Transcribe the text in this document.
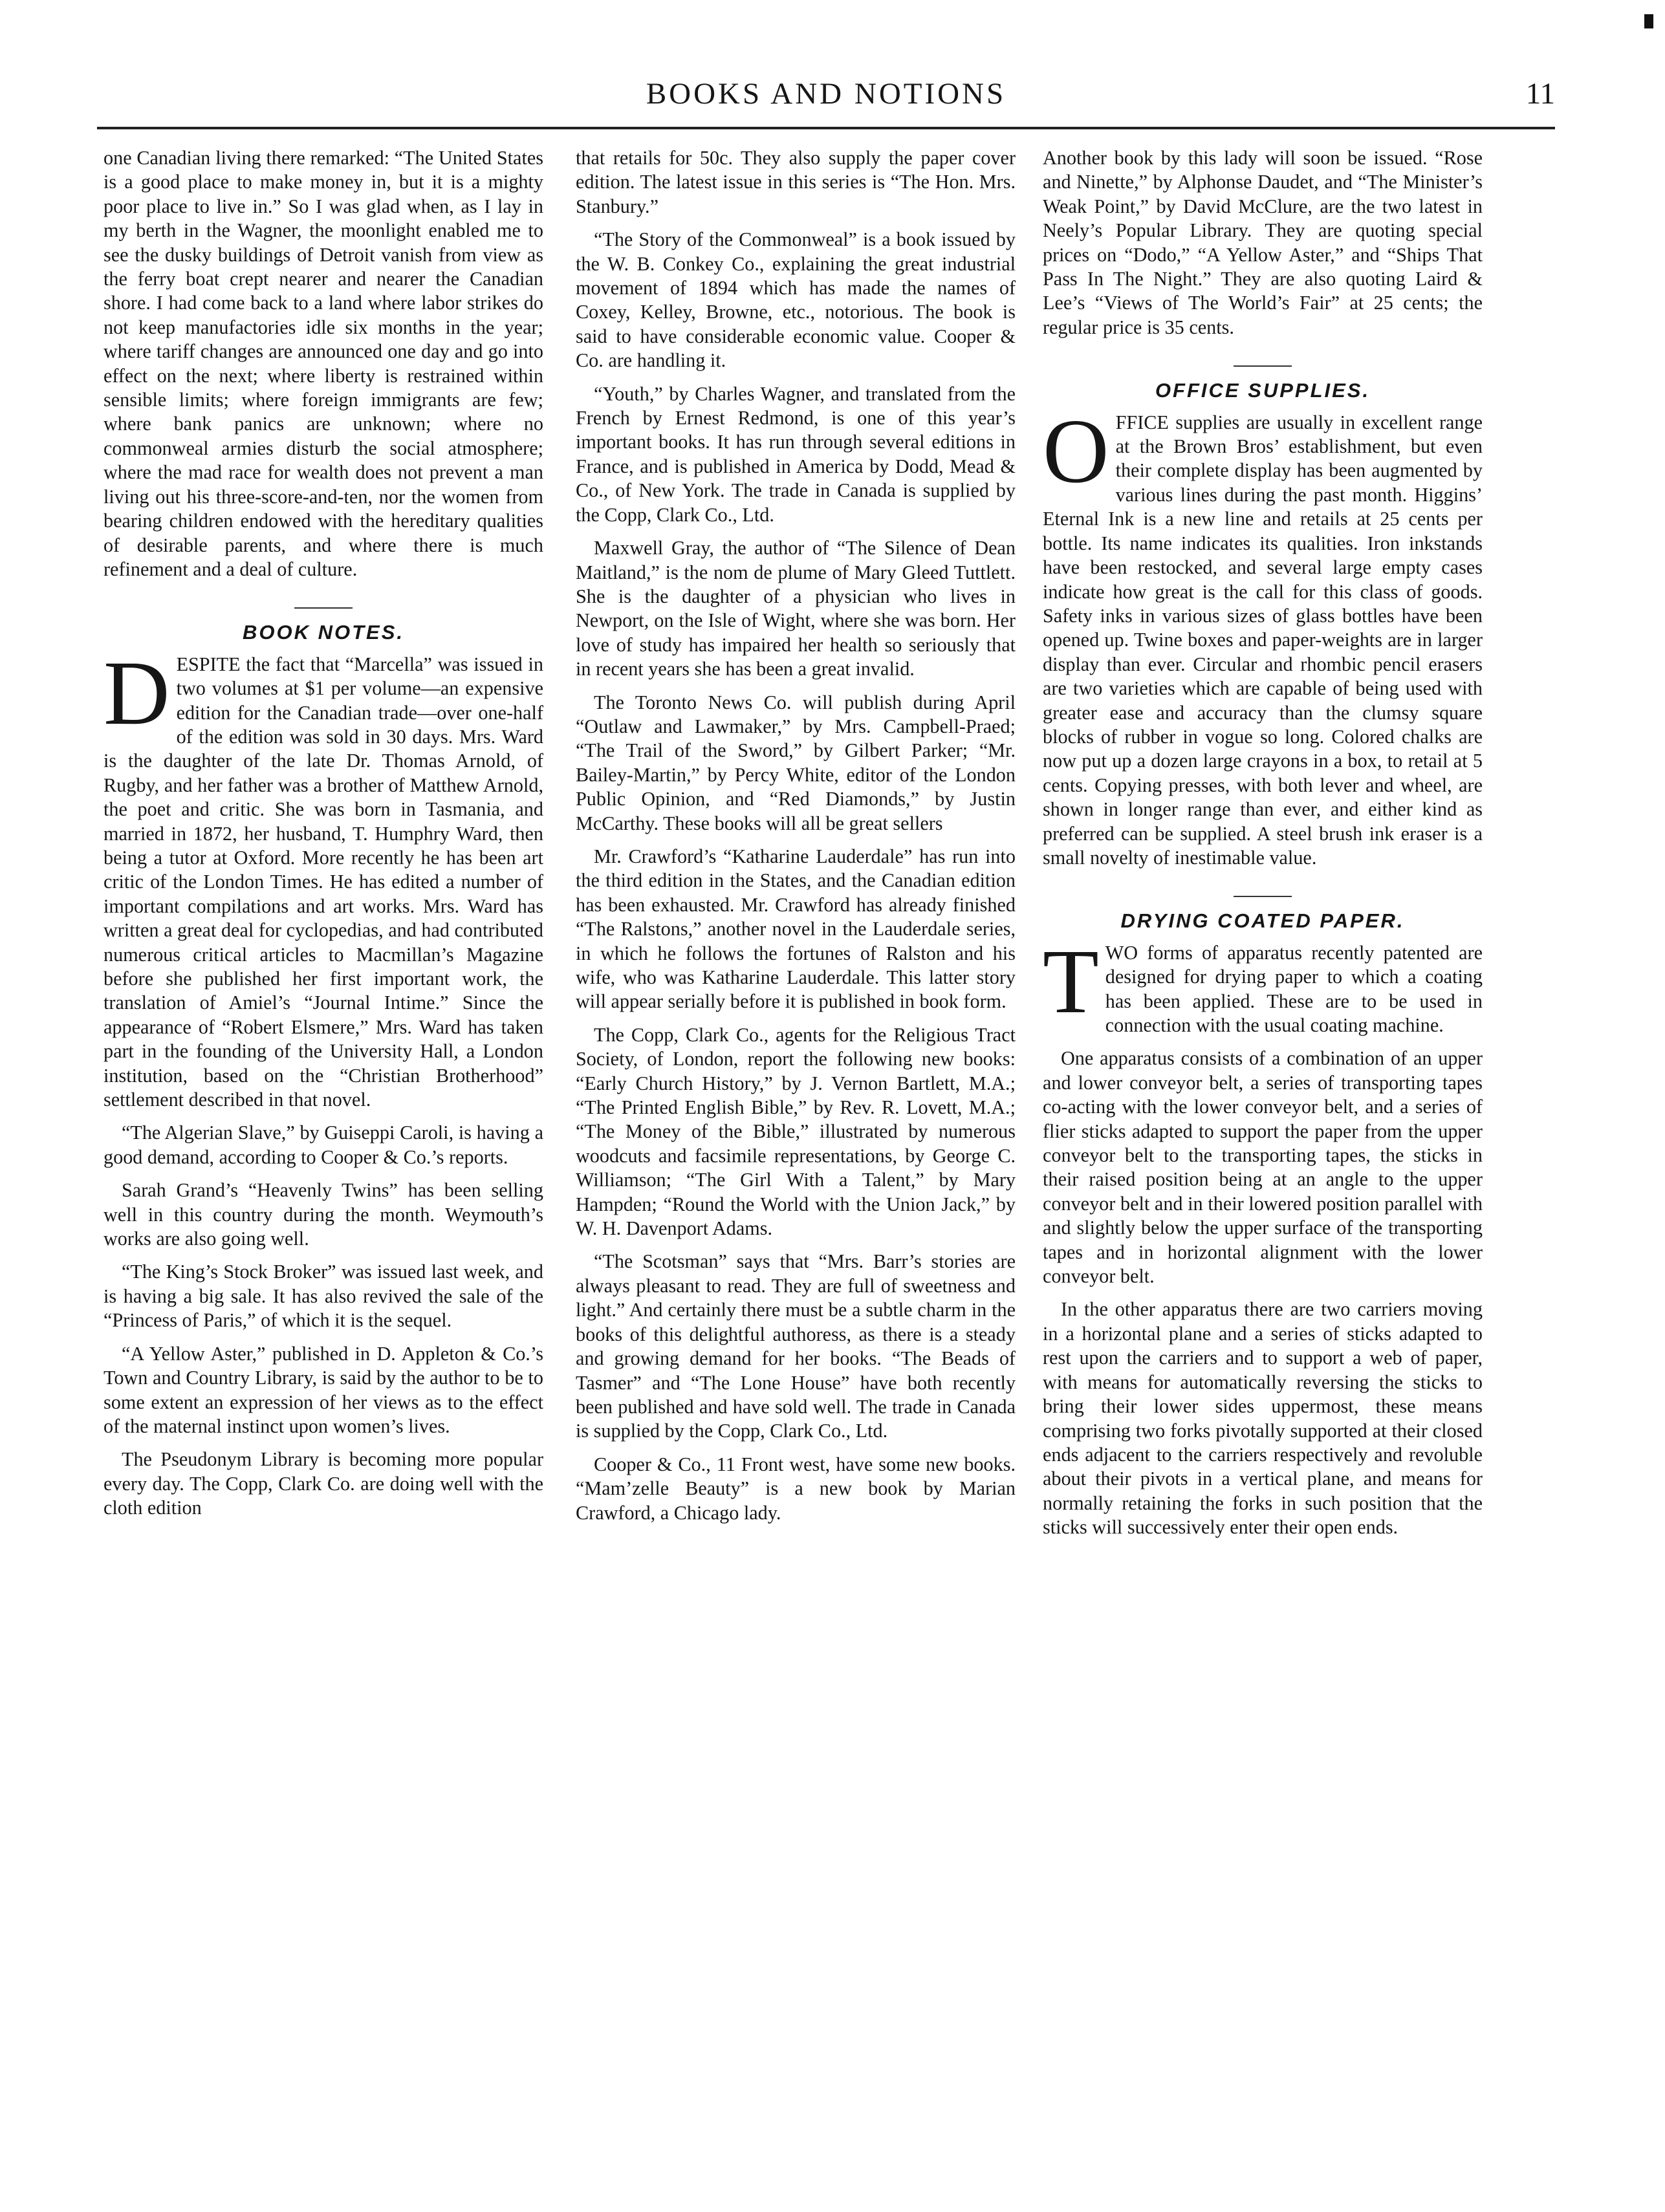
BOOKS AND NOTIONS	11

one Canadian living there remarked: “The United States is a good place to make money in, but it is a mighty poor place to live in.” So I was glad when, as I lay in my berth in the Wagner, the moonlight enabled me to see the dusky buildings of Detroit vanish from view as the ferry boat crept nearer and nearer the Canadian shore. I had come back to a land where labor strikes do not keep manufactories idle six months in the year; where tariff changes are announced one day and go into effect on the next; where liberty is restrained within sensible limits; where foreign immigrants are few; where bank panics are unknown; where no commonweal armies disturb the social atmosphere; where the mad race for wealth does not prevent a man living out his three-score-and-ten, nor the women from bearing children endowed with the hereditary qualities of desirable parents, and where there is much refinement and a deal of culture.

BOOK NOTES.

DESPITE the fact that “Marcella” was issued in two volumes at $1 per volume—an expensive edition for the Canadian trade—over one-half of the edition was sold in 30 days. Mrs. Ward is the daughter of the late Dr. Thomas Arnold, of Rugby, and her father was a brother of Matthew Arnold, the poet and critic. She was born in Tasmania, and married in 1872, her husband, T. Humphry Ward, then being a tutor at Oxford. More recently he has been art critic of the London Times. He has edited a number of important compilations and art works. Mrs. Ward has written a great deal for cyclopedias, and had contributed numerous critical articles to Macmillan’s Magazine before she published her first important work, the translation of Amiel’s “Journal Intime.” Since the appearance of “Robert Elsmere,” Mrs. Ward has taken part in the founding of the University Hall, a London institution, based on the “Christian Brotherhood” settlement described in that novel.

“The Algerian Slave,” by Guiseppi Caroli, is having a good demand, according to Cooper & Co.’s reports.

Sarah Grand’s “Heavenly Twins” has been selling well in this country during the month. Weymouth’s works are also going well.

“The King’s Stock Broker” was issued last week, and is having a big sale. It has also revived the sale of the “Princess of Paris,” of which it is the sequel.

“A Yellow Aster,” published in D. Appleton & Co.’s Town and Country Library, is said by the author to be to some extent an expression of her views as to the effect of the maternal instinct upon women’s lives.

The Pseudonym Library is becoming more popular every day. The Copp, Clark Co. are doing well with the cloth edition

that retails for 50c. They also supply the paper cover edition. The latest issue in this series is “The Hon. Mrs. Stanbury.”

“The Story of the Commonweal” is a book issued by the W. B. Conkey Co., explaining the great industrial movement of 1894 which has made the names of Coxey, Kelley, Browne, etc., notorious. The book is said to have considerable economic value. Cooper & Co. are handling it.

“Youth,” by Charles Wagner, and translated from the French by Ernest Redmond, is one of this year’s important books. It has run through several editions in France, and is published in America by Dodd, Mead & Co., of New York. The trade in Canada is supplied by the Copp, Clark Co., Ltd.

Maxwell Gray, the author of “The Silence of Dean Maitland,” is the nom de plume of Mary Gleed Tuttlett. She is the daughter of a physician who lives in Newport, on the Isle of Wight, where she was born. Her love of study has impaired her health so seriously that in recent years she has been a great invalid.

The Toronto News Co. will publish during April “Outlaw and Lawmaker,” by Mrs. Campbell-Praed; “The Trail of the Sword,” by Gilbert Parker; “Mr. Bailey-Martin,” by Percy White, editor of the London Public Opinion, and “Red Diamonds,” by Justin McCarthy. These books will all be great sellers

Mr. Crawford’s “Katharine Lauderdale” has run into the third edition in the States, and the Canadian edition has been exhausted. Mr. Crawford has already finished “The Ralstons,” another novel in the Lauderdale series, in which he follows the fortunes of Ralston and his wife, who was Katharine Lauderdale. This latter story will appear serially before it is published in book form.

The Copp, Clark Co., agents for the Religious Tract Society, of London, report the following new books: “Early Church History,” by J. Vernon Bartlett, M.A.; “The Printed English Bible,” by Rev. R. Lovett, M.A.; “The Money of the Bible,” illustrated by numerous woodcuts and facsimile representations, by George C. Williamson; “The Girl With a Talent,” by Mary Hampden; “Round the World with the Union Jack,” by W. H. Davenport Adams.

“The Scotsman” says that “Mrs. Barr’s stories are always pleasant to read. They are full of sweetness and light.” And certainly there must be a subtle charm in the books of this delightful authoress, as there is a steady and growing demand for her books. “The Beads of Tasmer” and “The Lone House” have both recently been published and have sold well. The trade in Canada is supplied by the Copp, Clark Co., Ltd.

Cooper & Co., 11 Front west, have some new books. “Mam’zelle Beauty” is a new book by Marian Crawford, a Chicago lady.

Another book by this lady will soon be issued. “Rose and Ninette,” by Alphonse Daudet, and “The Minister’s Weak Point,” by David McClure, are the two latest in Neely’s Popular Library. They are quoting special prices on “Dodo,” “A Yellow Aster,” and “Ships That Pass In The Night.” They are also quoting Laird & Lee’s “Views of The World’s Fair” at 25 cents; the regular price is 35 cents.

OFFICE SUPPLIES.

OFFICE supplies are usually in excellent range at the Brown Bros’ establishment, but even their complete display has been augmented by various lines during the past month. Higgins’ Eternal Ink is a new line and retails at 25 cents per bottle. Its name indicates its qualities. Iron inkstands have been restocked, and several large empty cases indicate how great is the call for this class of goods. Safety inks in various sizes of glass bottles have been opened up. Twine boxes and paper-weights are in larger display than ever. Circular and rhombic pencil erasers are two varieties which are capable of being used with greater ease and accuracy than the clumsy square blocks of rubber in vogue so long. Colored chalks are now put up a dozen large crayons in a box, to retail at 5 cents. Copying presses, with both lever and wheel, are shown in longer range than ever, and either kind as preferred can be supplied. A steel brush ink eraser is a small novelty of inestimable value.

DRYING COATED PAPER.

TWO forms of apparatus recently patented are designed for drying paper to which a coating has been applied. These are to be used in connection with the usual coating machine.

One apparatus consists of a combination of an upper and lower conveyor belt, a series of transporting tapes co-acting with the lower conveyor belt, and a series of flier sticks adapted to support the paper from the upper conveyor belt to the transporting tapes, the sticks in their raised position being at an angle to the upper conveyor belt and in their lowered position parallel with and slightly below the upper surface of the transporting tapes and in horizontal alignment with the lower conveyor belt.

In the other apparatus there are two carriers moving in a horizontal plane and a series of sticks adapted to rest upon the carriers and to support a web of paper, with means for automatically reversing the sticks to bring their lower sides uppermost, these means comprising two forks pivotally supported at their closed ends adjacent to the carriers respectively and revoluble about their pivots in a vertical plane, and means for normally retaining the forks in such position that the sticks will successively enter their open ends.
